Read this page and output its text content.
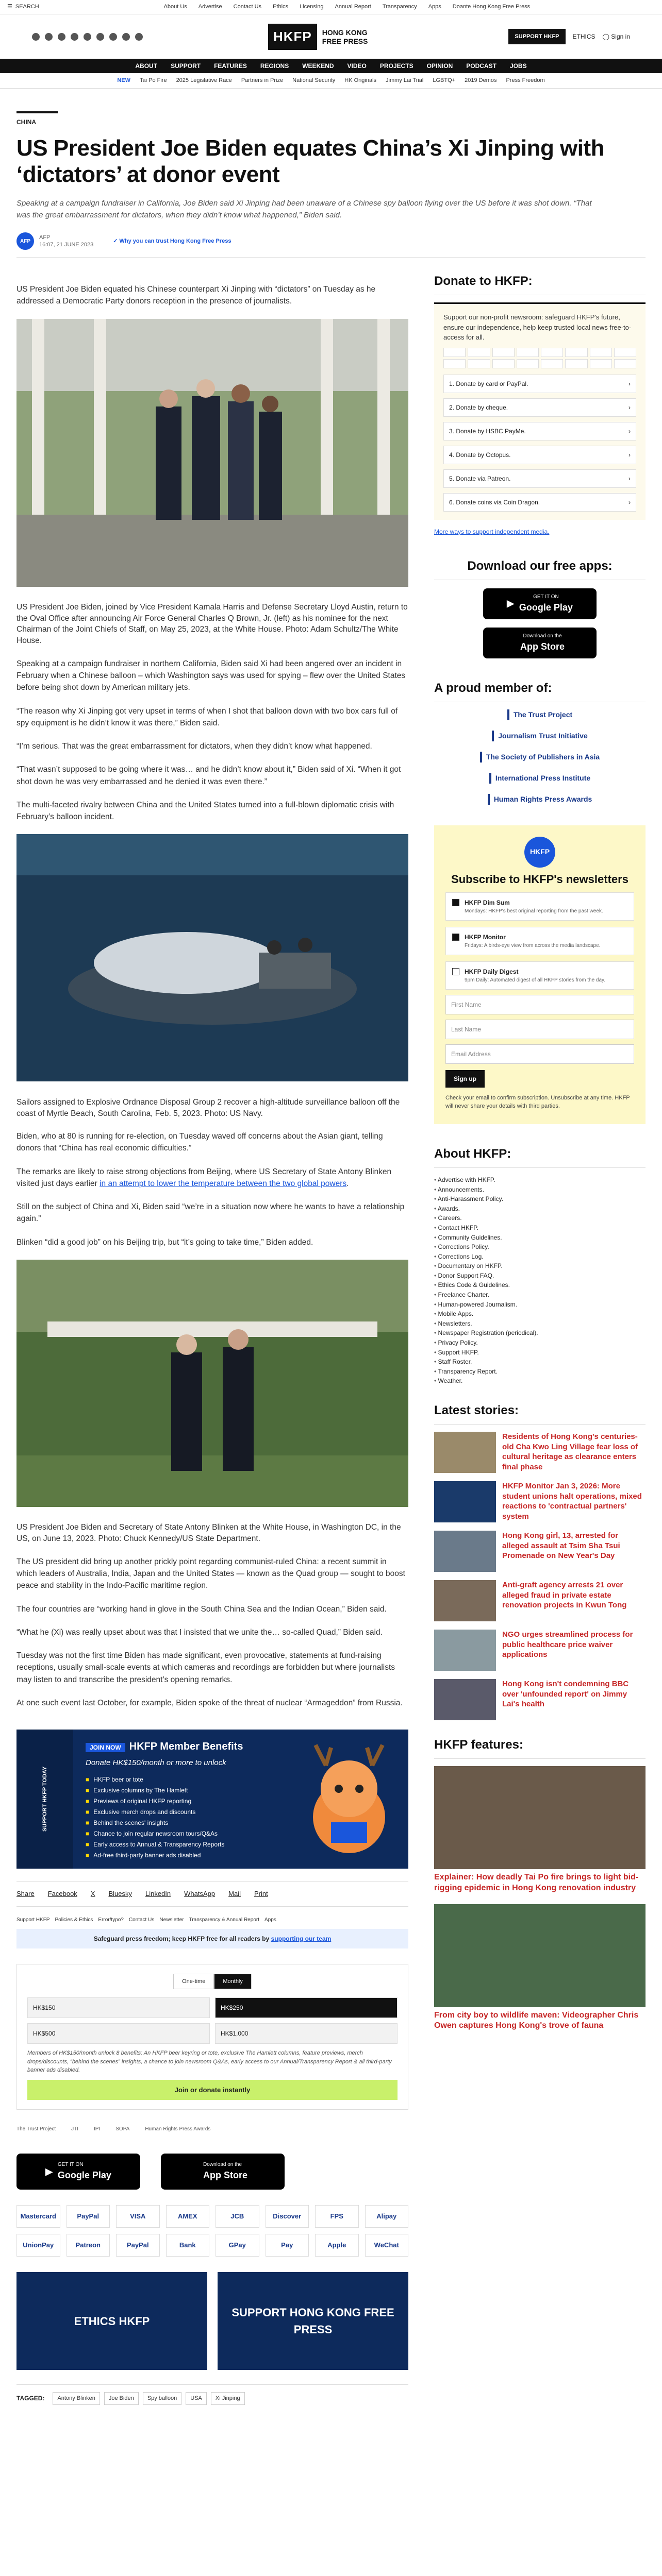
☰ SEARCH	About Us Advertise Contact Us Ethics Licensing Annual Report Transparency Apps Doante Hong Kong Free Press
HKFP	HONG KONG
FREE PRESS
SUPPORT HKFP	ETHICS ◯ Sign in
ABOUT SUPPORT FEATURES REGIONS WEEKEND VIDEO PROJECTS OPINION PODCAST JOBS
NEW Tai Po Fire 2025 Legislative Race Partners in Prize National Security HK Originals Jimmy Lai Trial LGBTQ+ 2019 Demos Press Freedom
CHINA
US President Joe Biden equates China’s Xi Jinping with ‘dictators’ at donor event

Speaking at a campaign fundraiser in California, Joe Biden said Xi Jinping had been unaware of a Chinese spy balloon flying over the US before it was shot down. “That was the great embarrassment for dictators, when they didn’t know what happened,” Biden said.

AFP
AFP
16:07, 21 JUNE 2023
✓ Why you can trust Hong Kong Free Press

US President Joe Biden equated his Chinese counterpart Xi Jinping with “dictators” on Tuesday as he addressed a Democratic Party donors reception in the presence of journalists.

US President Joe Biden, joined by Vice President Kamala Harris and Defense Secretary Lloyd Austin, return to the Oval Office after announcing Air Force General Charles Q Brown, Jr. (left) as his nominee for the next Chairman of the Joint Chiefs of Staff, on May 25, 2023, at the White House. Photo: Adam Schultz/The White House.

Speaking at a campaign fundraiser in northern California, Biden said Xi had been angered over an incident in February when a Chinese balloon – which Washington says was used for spying – flew over the United States before being shot down by American military jets.

“The reason why Xi Jinping got very upset in terms of when I shot that balloon down with two box cars full of spy equipment is he didn’t know it was there,” Biden said.

“I’m serious. That was the great embarrassment for dictators, when they didn’t know what happened.

“That wasn’t supposed to be going where it was… and he didn’t know about it,” Biden said of Xi. “When it got shot down he was very embarrassed and he denied it was even there.”

The multi-faceted rivalry between China and the United States turned into a full-blown diplomatic crisis with February’s balloon incident.

Sailors assigned to Explosive Ordnance Disposal Group 2 recover a high-altitude surveillance balloon off the coast of Myrtle Beach, South Carolina, Feb. 5, 2023. Photo: US Navy.

Biden, who at 80 is running for re-election, on Tuesday waved off concerns about the Asian giant, telling donors that “China has real economic difficulties.”

The remarks are likely to raise strong objections from Beijing, where US Secretary of State Antony Blinken visited just days earlier in an attempt to lower the temperature between the two global powers.

Still on the subject of China and Xi, Biden said “we’re in a situation now where he wants to have a relationship again.”

Blinken “did a good job” on his Beijing trip, but “it’s going to take time,” Biden added.

US President Joe Biden and Secretary of State Antony Blinken at the White House, in Washington DC, in the US, on June 13, 2023. Photo: Chuck Kennedy/US State Department.

The US president did bring up another prickly point regarding communist-ruled China: a recent summit in which leaders of Australia, India, Japan and the United States — known as the Quad group — sought to boost peace and stability in the Indo-Pacific maritime region.

The four countries are “working hand in glove in the South China Sea and the Indian Ocean,” Biden said.

“What he (Xi) was really upset about was that I insisted that we unite the… so-called Quad,” Biden said.

Tuesday was not the first time Biden has made significant, even provocative, statements at fund-raising receptions, usually small-scale events at which cameras and recordings are forbidden but where journalists may listen to and transcribe the president’s opening remarks.

At one such event last October, for example, Biden spoke of the threat of nuclear “Armageddon” from Russia.

SUPPORT HKFP TODAY
JOIN NOW HKFP Member Benefits
Donate HK$150/month or more to unlock
■ HKFP beer or tote
■ Exclusive columns by The Hamlett
■ Previews of original HKFP reporting
■ Exclusive merch drops and discounts
■ Behind the scenes' insights
■ Chance to join regular newsroom tours/Q&As
■ Early access to Annual & Transparency Reports
■ Ad-free third-party banner ads disabled
Share Facebook X Bluesky LinkedIn WhatsApp Mail Print
Support HKFP Policies & Ethics Error/typo? Contact Us Newsletter Transparency & Annual Report Apps
Safeguard press freedom; keep HKFP free for all readers by supporting our team
One-time	Monthly
HK$150	HK$250
HK$500	HK$1,000

Members of HK$150/month unlock 8 benefits: An HKFP beer keyring or tote, exclusive The Hamlett columns, feature previews, merch drops/discounts, “behind the scenes” insights, a chance to join newsroom Q&As, early access to our Annual/Transparency Report & all third-party banner ads disabled.

Join or donate instantly
The Trust Project	JTI	IPI	SOPA	Human Rights Press Awards
▶
GET IT ON
Google Play
Download on the
App Store
Mastercard	PayPal	VISA	AMEX	JCB	Discover	FPS	Alipay
UnionPay	Patreon	PayPal	Bank	GPay	Pay	Apple	WeChat
ETHICS HKFP
SUPPORT HONG KONG FREE PRESS
TAGGED:	Antony Blinken	Joe Biden	Spy balloon	USA	Xi Jinping
Donate to HKFP:

Support our non-profit newsroom: safeguard HKFP's future, ensure our independence, help keep trusted local news free-to-access for all.

1. Donate by card or PayPal.	›
2. Donate by cheque.	›
3. Donate by HSBC PayMe.	›
4. Donate by Octopus.	›
5. Donate via Patreon.	›
6. Donate coins via Coin Dragon.	›
More ways to support independent media.
Download our free apps:
▶
GET IT ON
Google Play
Download on the
App Store
A proud member of:
The Trust Project
Journalism Trust Initiative
The Society of Publishers in Asia
International Press Institute
Human Rights Press Awards
HKFP
Subscribe to HKFP's newsletters
HKFP Dim Sum
Mondays: HKFP's best original reporting from the past week.
HKFP Monitor
Fridays: A birds-eye view from across the media landscape.
HKFP Daily Digest
9pm Daily: Automated digest of all HKFP stories from the day.
First Name
Last Name
Email Address
Sign up

Check your email to confirm subscription. Unsubscribe at any time. HKFP will never share your details with third parties.

About HKFP:
• Advertise with HKFP.
• Announcements.
• Anti-Harassment Policy.
• Awards.
• Careers.
• Contact HKFP.
• Community Guidelines.
• Corrections Policy.
• Corrections Log.
• Documentary on HKFP.
• Donor Support FAQ.
• Ethics Code & Guidelines.
• Freelance Charter.
• Human-powered Journalism.
• Mobile Apps.
• Newsletters.
• Newspaper Registration (periodical).
• Privacy Policy.
• Support HKFP.
• Staff Roster.
• Transparency Report.
• Weather.
Latest stories:
Residents of Hong Kong's centuries-old Cha Kwo Ling Village fear loss of cultural heritage as clearance enters final phase
HKFP Monitor Jan 3, 2026: More student unions halt operations, mixed reactions to 'contractual partners' system
Hong Kong girl, 13, arrested for alleged assault at Tsim Sha Tsui Promenade on New Year's Day
Anti-graft agency arrests 21 over alleged fraud in private estate renovation projects in Kwun Tong
NGO urges streamlined process for public healthcare price waiver applications
Hong Kong isn't condemning BBC over 'unfounded report' on Jimmy Lai's health
HKFP features:
Explainer: How deadly Tai Po fire brings to light bid-rigging epidemic in Hong Kong renovation industry
From city boy to wildlife maven: Videographer Chris Owen captures Hong Kong's trove of fauna
